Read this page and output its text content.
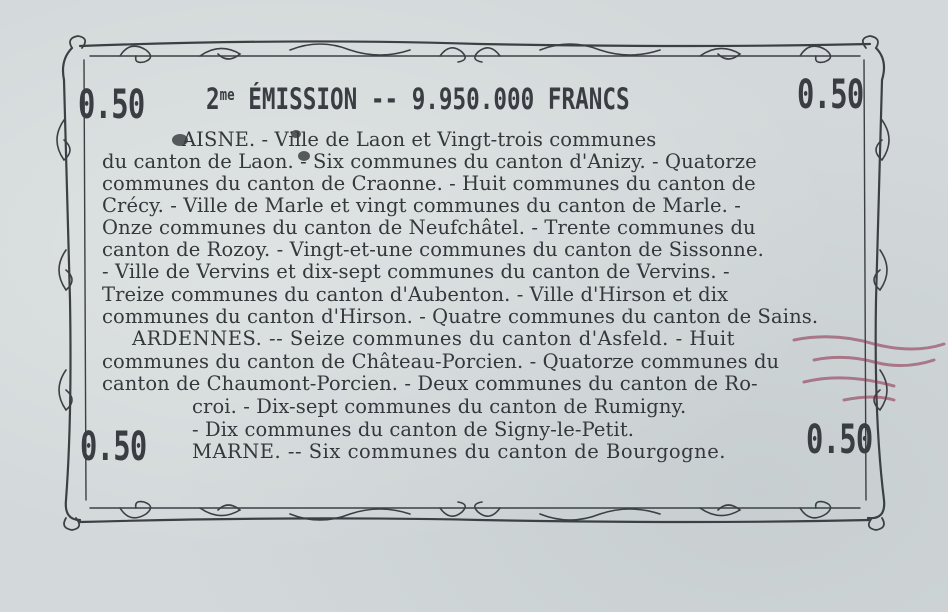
0.50	0.50
0.50	0.50
$2^{me}$ ÉMISSION -- 9.950.000 FRANCS
AISNE. - Ville de Laon et Vingt-trois communes
du canton de Laon. - Six communes du canton d'Anizy. - Quatorze
communes du canton de Craonne. - Huit communes du canton de
Crécy. - Ville de Marle et vingt communes du canton de Marle. -
Onze communes du canton de Neufchâtel. - Trente communes du
canton de Rozoy. - Vingt-et-une communes du canton de Sissonne.
- Ville de Vervins et dix-sept communes du canton de Vervins. -
Treize communes du canton d'Aubenton. - Ville d'Hirson et dix
communes du canton d'Hirson. - Quatre communes du canton de Sains.
ARDENNES. -- Seize communes du canton d'Asfeld. - Huit
communes du canton de Château-Porcien. - Quatorze communes du
canton de Chaumont-Porcien. - Deux communes du canton de Ro-
croi. - Dix-sept communes du canton de Rumigny.
- Dix communes du canton de Signy-le-Petit.
MARNE. -- Six communes du canton de Bourgogne.
